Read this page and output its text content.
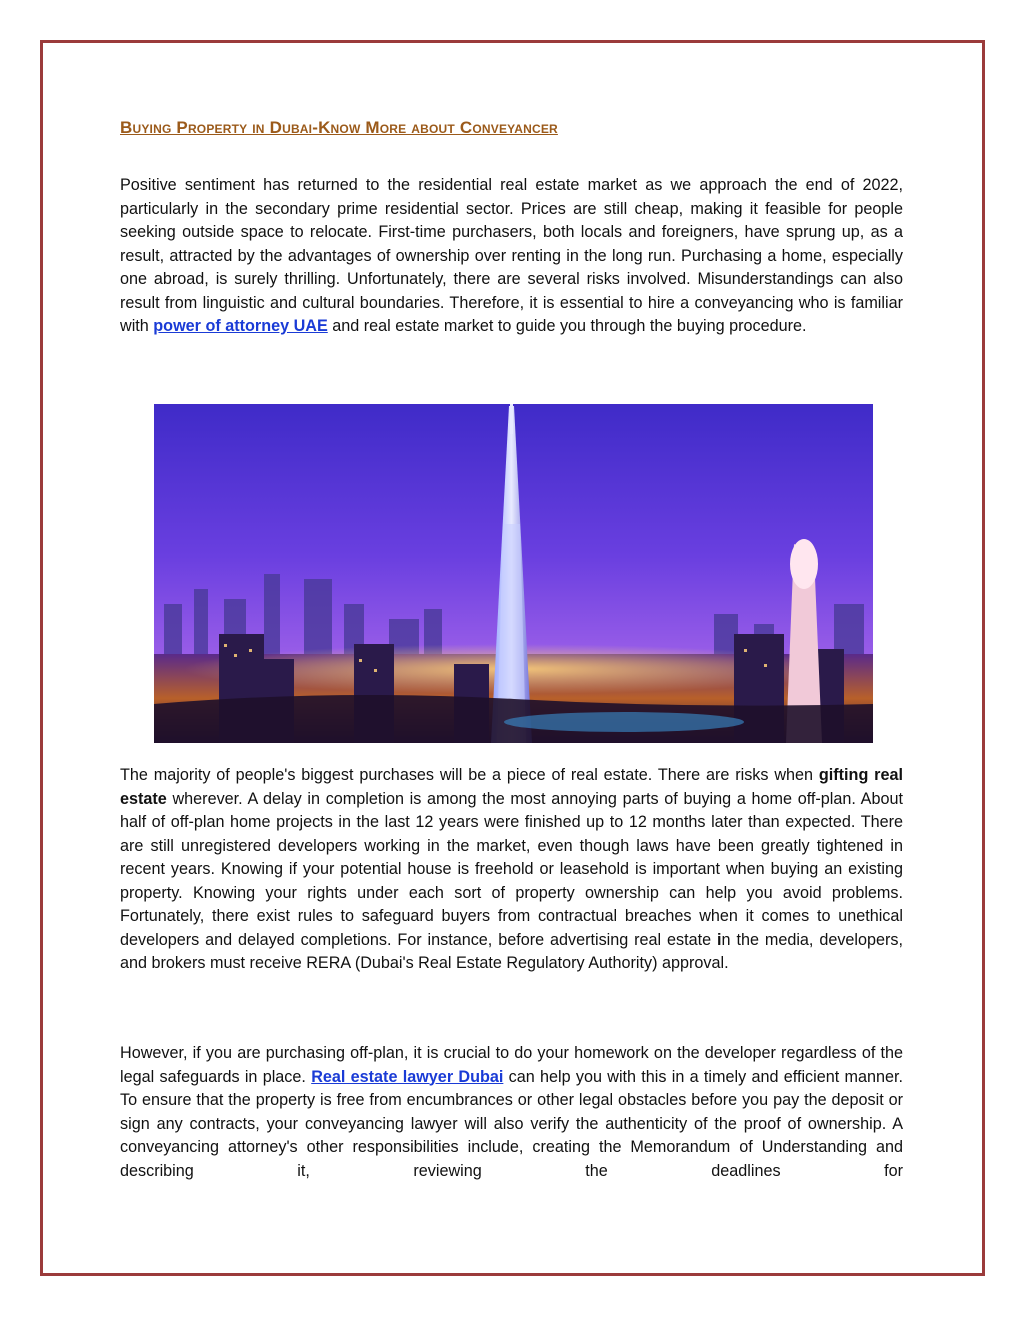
Buying Property in Dubai-Know More about Conveyancer

Positive sentiment has returned to the residential real estate market as we approach the end of 2022, particularly in the secondary prime residential sector. Prices are still cheap, making it feasible for people seeking outside space to relocate. First-time purchasers, both locals and foreigners, have sprung up, as a result, attracted by the advantages of ownership over renting in the long run. Purchasing a home, especially one abroad, is surely thrilling. Unfortunately, there are several risks involved. Misunderstandings can also result from linguistic and cultural boundaries. Therefore, it is essential to hire a conveyancing who is familiar with power of attorney UAE and real estate market to guide you through the buying procedure.

The majority of people's biggest purchases will be a piece of real estate. There are risks when gifting real estate wherever. A delay in completion is among the most annoying parts of buying a home off-plan. About half of off-plan home projects in the last 12 years were finished up to 12 months later than expected. There are still unregistered developers working in the market, even though laws have been greatly tightened in recent years. Knowing if your potential house is freehold or leasehold is important when buying an existing property. Knowing your rights under each sort of property ownership can help you avoid problems. Fortunately, there exist rules to safeguard buyers from contractual breaches when it comes to unethical developers and delayed completions. For instance, before advertising real estate in the media, developers, and brokers must receive RERA (Dubai's Real Estate Regulatory Authority) approval.

However, if you are purchasing off-plan, it is crucial to do your homework on the developer regardless of the legal safeguards in place. Real estate lawyer Dubai can help you with this in a timely and efficient manner. To ensure that the property is free from encumbrances or other legal obstacles before you pay the deposit or sign any contracts, your conveyancing lawyer will also verify the authenticity of the proof of ownership. A conveyancing attorney's other responsibilities include, creating the Memorandum of Understanding and describing it, reviewing the deadlines for
